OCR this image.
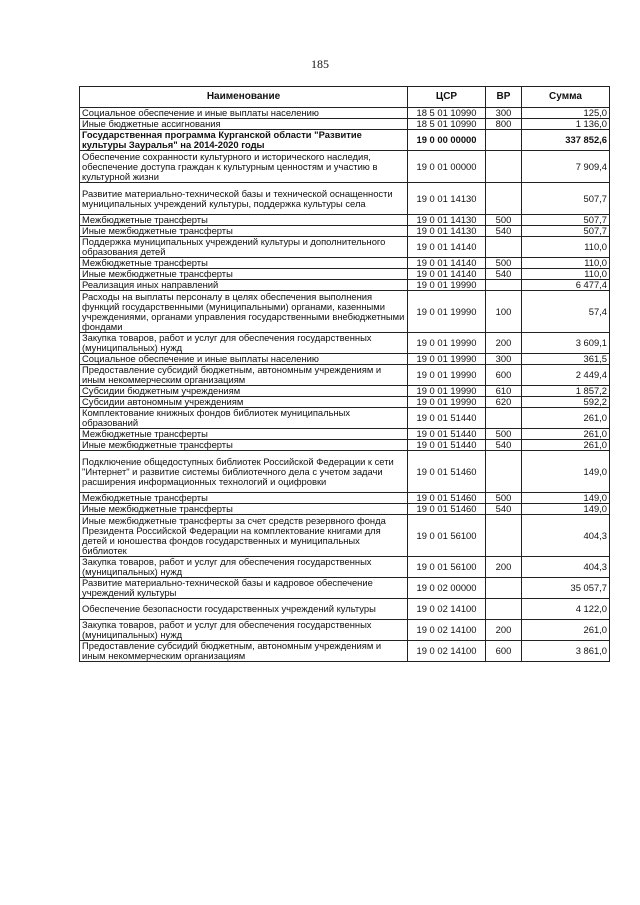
185
Наименование	ЦСР	ВР	Сумма
Социальное обеспечение и иные выплаты населению	18 5 01 10990	300	125,0
Иные бюджетные ассигнования	18 5 01 10990	800	1 136,0
Государственная программа Курганской области "Развитие культуры Зауралья" на 2014-2020 годы	19 0 00 00000		337 852,6
Обеспечение сохранности культурного и исторического наследия, обеспечение доступа граждан к культурным ценностям и участию в культурной жизни	19 0 01 00000		7 909,4
Развитие материально-технической базы и технической оснащенности муниципальных учреждений культуры, поддержка культуры села	19 0 01 14130		507,7
Межбюджетные трансферты	19 0 01 14130	500	507,7
Иные межбюджетные трансферты	19 0 01 14130	540	507,7
Поддержка муниципальных учреждений культуры и дополнительного образования детей	19 0 01 14140		110,0
Межбюджетные трансферты	19 0 01 14140	500	110,0
Иные межбюджетные трансферты	19 0 01 14140	540	110,0
Реализация иных направлений	19 0 01 19990		6 477,4
Расходы на выплаты персоналу в целях обеспечения выполнения функций государственными (муниципальными) органами, казенными учреждениями, органами управления государственными внебюджетными фондами	19 0 01 19990	100	57,4
Закупка товаров, работ и услуг для обеспечения государственных (муниципальных) нужд	19 0 01 19990	200	3 609,1
Социальное обеспечение и иные выплаты населению	19 0 01 19990	300	361,5
Предоставление субсидий бюджетным, автономным учреждениям и иным некоммерческим организациям	19 0 01 19990	600	2 449,4
Субсидии бюджетным учреждениям	19 0 01 19990	610	1 857,2
Субсидии автономным учреждениям	19 0 01 19990	620	592,2
Комплектование книжных фондов библиотек муниципальных образований	19 0 01 51440		261,0
Межбюджетные трансферты	19 0 01 51440	500	261,0
Иные межбюджетные трансферты	19 0 01 51440	540	261,0
Подключение общедоступных библиотек Российской Федерации к сети "Интернет" и развитие системы библиотечного дела с учетом задачи расширения информационных технологий и оцифровки	19 0 01 51460		149,0
Межбюджетные трансферты	19 0 01 51460	500	149,0
Иные межбюджетные трансферты	19 0 01 51460	540	149,0
Иные межбюджетные трансферты за счет средств резервного фонда Президента Российской Федерации на комплектование книгами для детей и юношества фондов государственных и муниципальных библиотек	19 0 01 56100		404,3
Закупка товаров, работ и услуг для обеспечения государственных (муниципальных) нужд	19 0 01 56100	200	404,3
Развитие материально-технической базы и кадровое обеспечение учреждений культуры	19 0 02 00000		35 057,7
Обеспечение безопасности государственных учреждений культуры	19 0 02 14100		4 122,0
Закупка товаров, работ и услуг для обеспечения государственных (муниципальных) нужд	19 0 02 14100	200	261,0
Предоставление субсидий бюджетным, автономным учреждениям и иным некоммерческим организациям	19 0 02 14100	600	3 861,0
